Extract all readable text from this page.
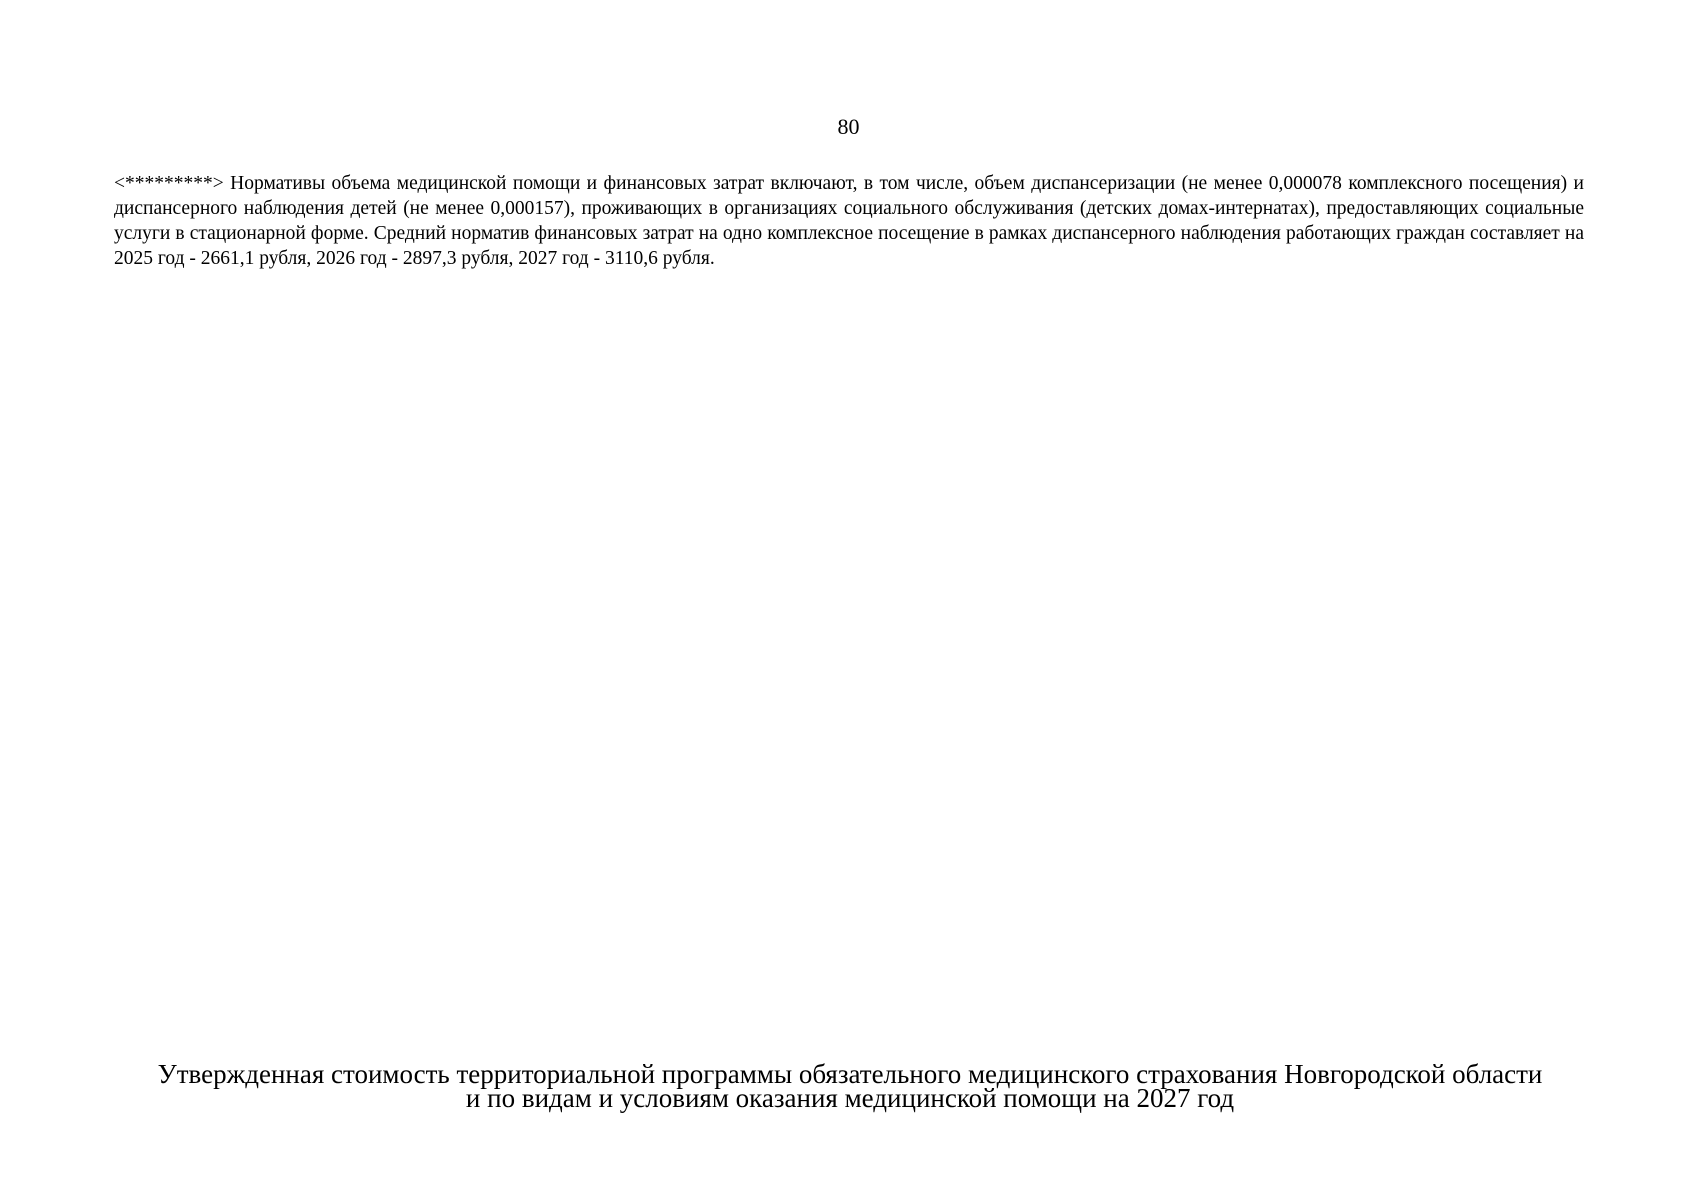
80
<*********> Нормативы объема медицинской помощи и финансовых затрат включают, в том числе, объем диспансеризации (не менее 0,000078 комплексного посещения) и диспансерного наблюдения детей (не менее 0,000157), проживающих в организациях социального обслуживания (детских домах-интернатах), предоставляющих социальные услуги в стационарной форме. Средний норматив финансовых затрат на одно комплексное посещение в рамках диспансерного наблюдения работающих граждан составляет на 2025 год - 2661,1 рубля, 2026 год - 2897,3 рубля, 2027 год - 3110,6 рубля.
Утвержденная стоимость территориальной программы обязательного медицинского страхования Новгородской области
и по видам и условиям оказания медицинской помощи на 2027 год
